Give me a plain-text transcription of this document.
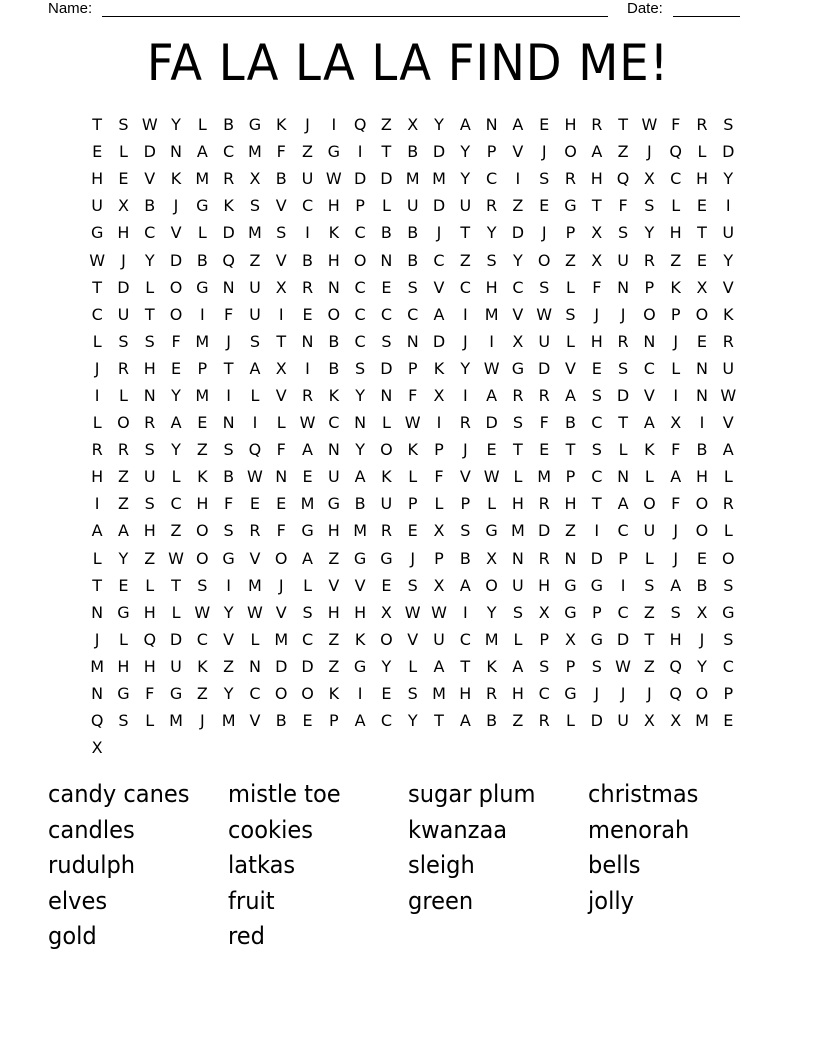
Name:	Date:
FA LA LA LA FIND ME!
T	S W Y	L	B G K	J	I	Q Z X Y A N A E H R T W F	R S
E	L D N A C M F	Z G	I	T B D Y	P	V	J	O A Z	J	Q L D
H E V K M R X B U W D D M M Y C	I	S R H Q X C H Y
U X B	J	G K S V C H P	L U D U R Z E G T	F	S	L	E	I
G H C V	L D M S	I	K C B B	J	T	Y D	J	P X S	Y H T U
W	J	Y D B Q Z V B H O N B C Z S	Y O Z X U R Z E	Y
T D L O G N U X R N C E	S V C H C S	L	F N P	K X V
C U T O	I	F U	I	E O C C C A	I	M V W S	J	J	O P O K
L	S	S	F M	J	S	T N B C S N D	J	I	X U L H R N	J	E R
J	R H E	P	T A X	I	B S D P	K	Y W G D V E	S C	L N U
I	L N Y M	I	L	V R K	Y N F	X	I	A R R A S D V	I	N W
L O R A E N	I	L W C N L W	I	R D S	F	B C T A X	I	V
R R S	Y Z S Q F	A N Y O K	P	J	E	T	E	T	S	L	K	F	B A
H Z U L	K B W N E U A K	L	F	V W L M P C N L	A H L
I	Z S C H F	E	E M G B U P	L	P	L H R H T A O F O R
A A H Z O S R	F G H M R E X S G M D Z	I	C U	J	O L
L	Y Z W O G V O A Z G G	J	P B X N R N D P	L	J	E O
T	E	L	T	S	I	M	J	L	V V E	S X A O U H G G	I	S A B S
N G H L W Y W V S H H X W W	I	Y	S X G P C Z S X G
J	L Q D C V	L M C Z K O V U C M L	P X G D T H	J	S
M H H U K Z N D D Z G Y	L	A T	K A S	P	S W Z Q Y C
N G F G Z Y C O O K	I	E	S M H R H C G	J	J	J	Q O P
Q S	L M	J	M V B E	P	A C Y	T A B Z R	L D U X X M E
X
candy canes	mistle toe	sugar plum	christmas
candles	cookies	kwanzaa	menorah
rudulph	latkas	sleigh	bells
elves	fruit	green	jolly
gold	red
